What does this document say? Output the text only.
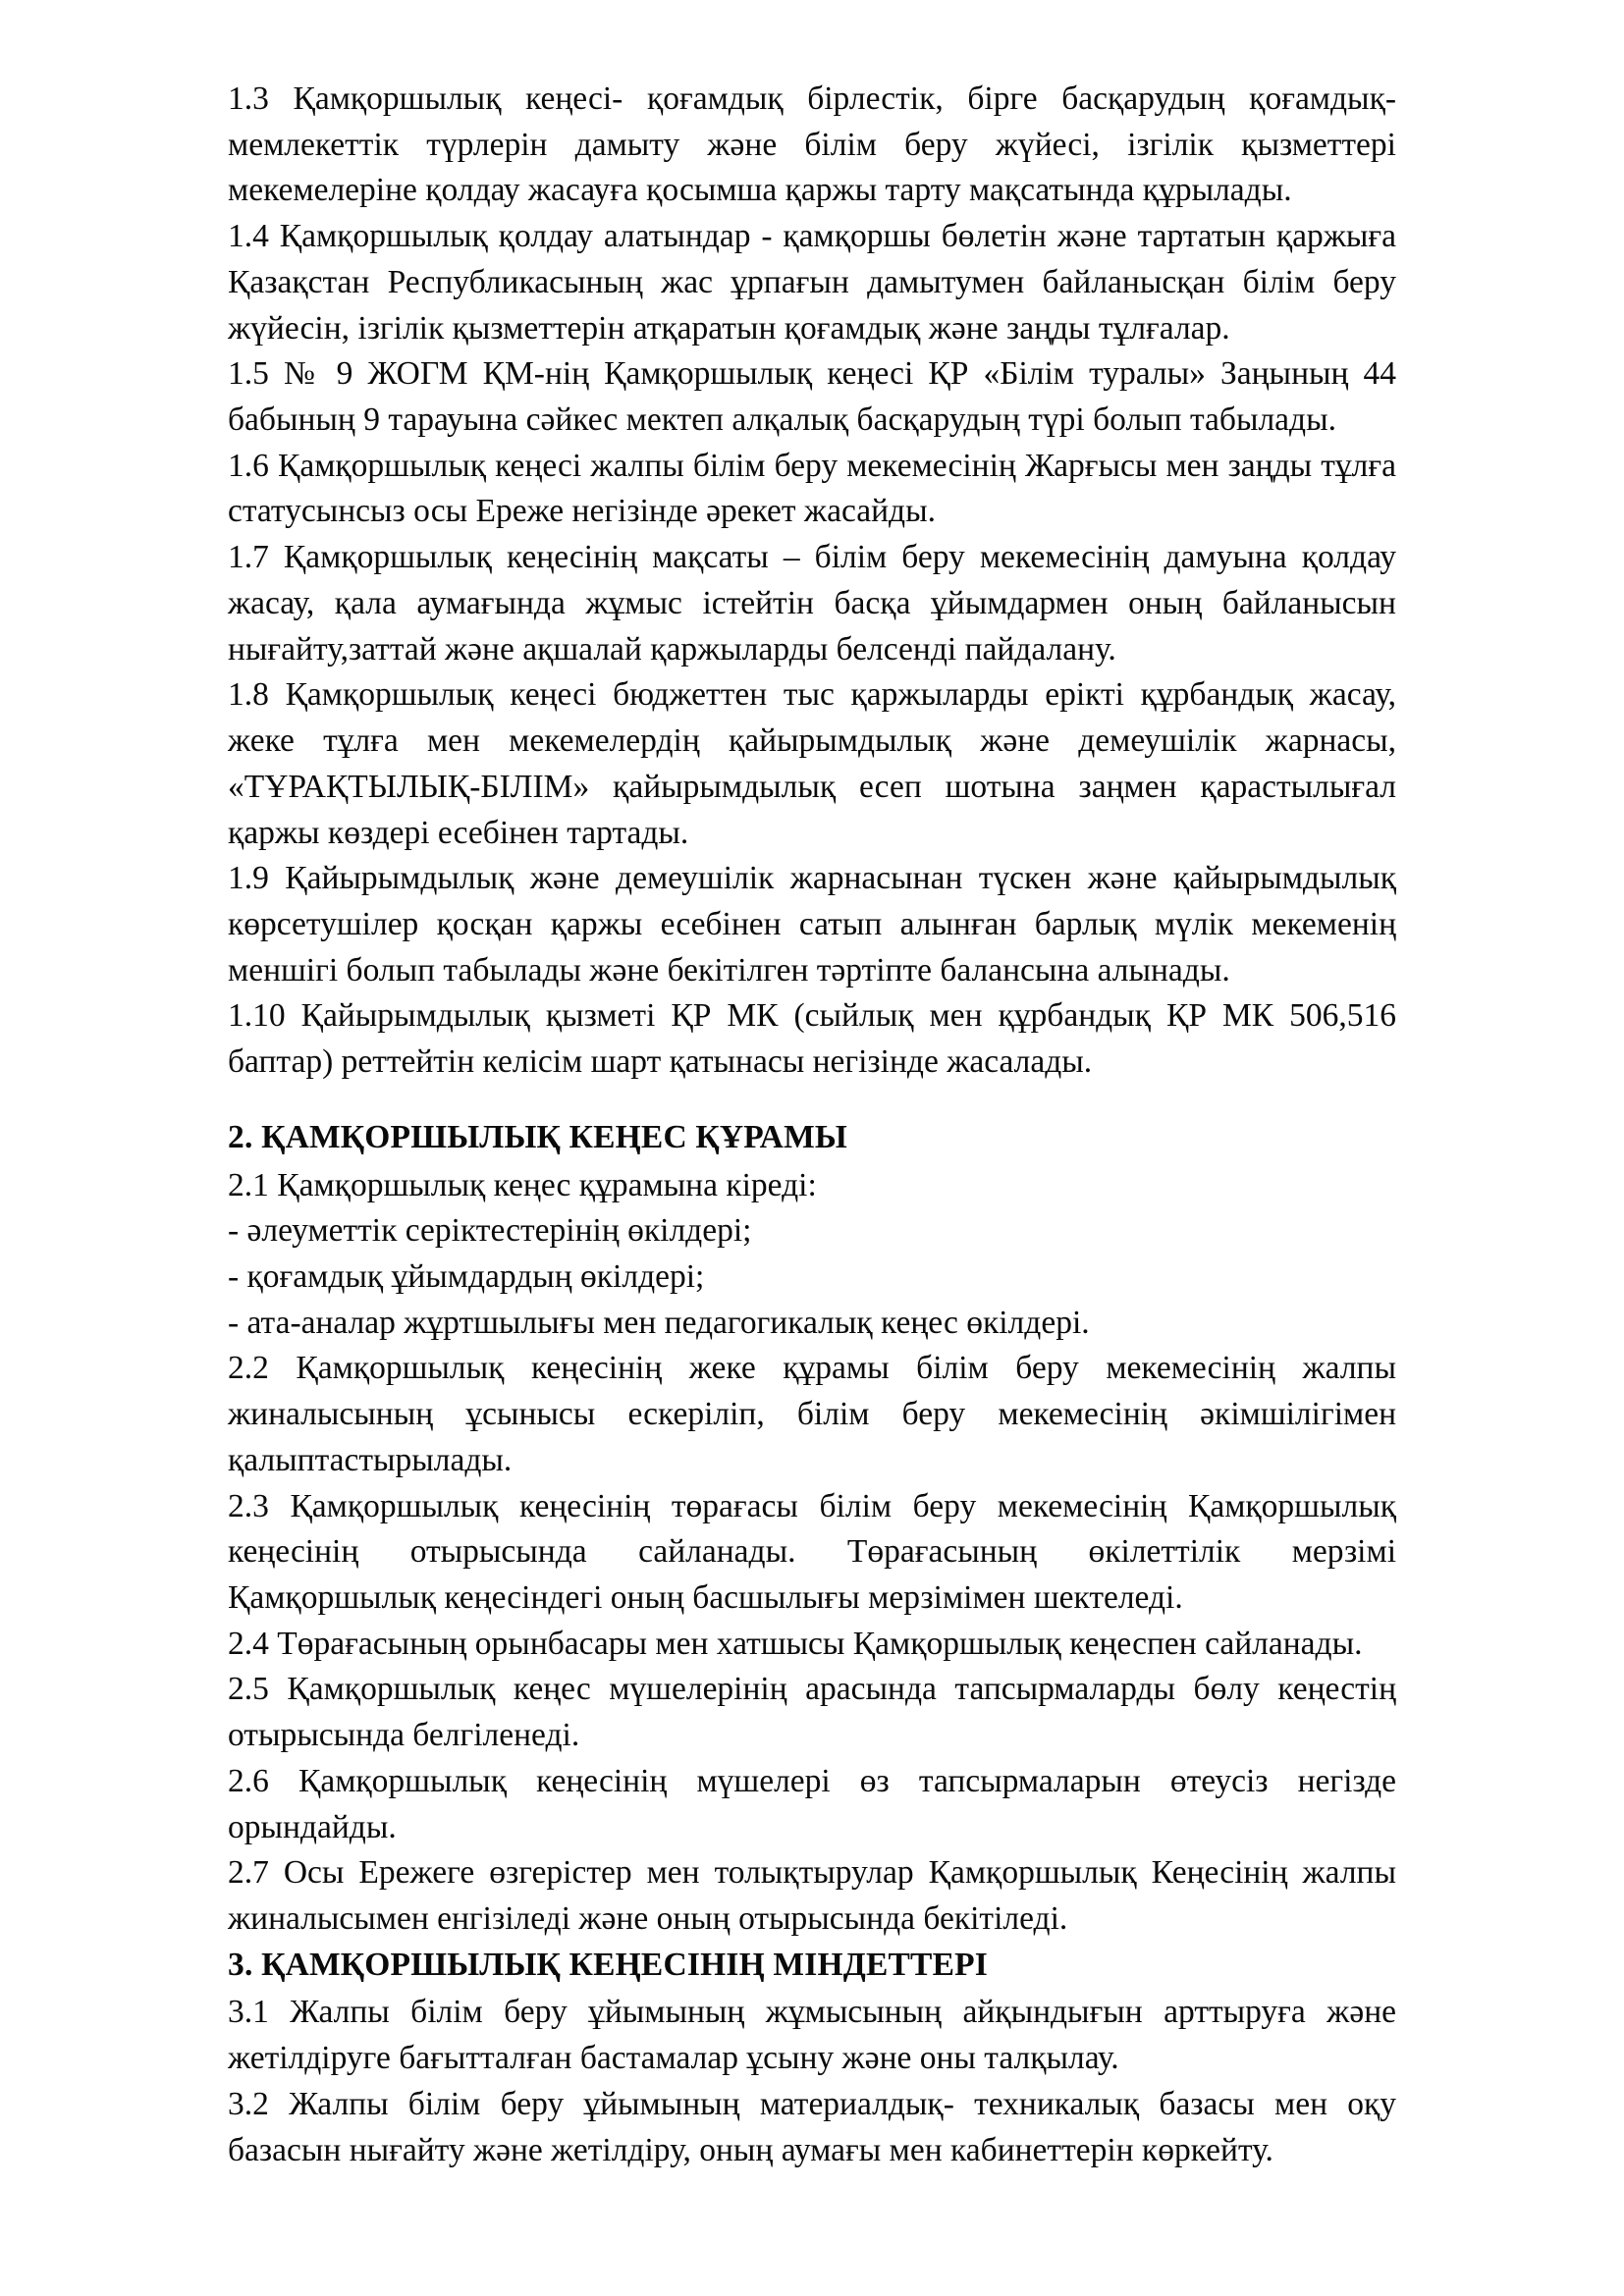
1.3 Қамқоршылық кеңесі- қоғамдық бірлестік, бірге басқарудың қоғамдық-мемлекеттік түрлерін дамыту және білім беру жүйесі, ізгілік қызметтері мекемелеріне қолдау жасауға қосымша қаржы тарту мақсатында құрылады.

1.4 Қамқоршылық қолдау алатындар - қамқоршы бөлетін және тартатын қаржыға Қазақстан Республикасының жас ұрпағын дамытумен байланысқан білім беру жүйесін, ізгілік қызметтерін атқаратын қоғамдық және заңды тұлғалар.

1.5 № 9 ЖОГМ ҚМ-нің Қамқоршылық кеңесі ҚР «Білім туралы» Заңының 44 бабының 9 тарауына сәйкес мектеп алқалық басқарудың түрі болып табылады.

1.6 Қамқоршылық кеңесі жалпы білім беру мекемесінің Жарғысы мен заңды тұлға статусынсыз осы Ереже негізінде әрекет жасайды.

1.7 Қамқоршылық кеңесінің мақсаты – білім беру мекемесінің дамуына қолдау жасау, қала аумағында жұмыс істейтін басқа ұйымдармен оның байланысын нығайту,заттай және ақшалай қаржыларды белсенді пайдалану.

1.8 Қамқоршылық кеңесі бюджеттен тыс қаржыларды ерікті құрбандық жасау, жеке тұлға мен мекемелердің қайырымдылық және демеушілік жарнасы, «ТҰРАҚТЫЛЫҚ-БІЛІМ» қайырымдылық есеп шотына заңмен қарастылығал қаржы көздері есебінен тартады.

1.9 Қайырымдылық және демеушілік жарнасынан түскен және қайырымдылық көрсетушілер қосқан қаржы есебінен сатып алынған барлық мүлік мекеменің меншігі болып табылады және бекітілген тәртіпте балансына алынады.

1.10 Қайырымдылық қызметі ҚР МК (сыйлық мен құрбандық ҚР МК 506,516 баптар) реттейтін келісім шарт қатынасы негізінде жасалады.

2. ҚАМҚОРШЫЛЫҚ КЕҢЕС ҚҰРАМЫ

2.1 Қамқоршылық кеңес құрамына кіреді:

- әлеуметтік серіктестерінің өкілдері;

- қоғамдық ұйымдардың өкілдері;

- ата-аналар жұртшылығы мен педагогикалық кеңес өкілдері.

2.2 Қамқоршылық кеңесінің жеке құрамы білім беру мекемесінің жалпы жиналысының ұсынысы ескеріліп, білім беру мекемесінің әкімшілігімен қалыптастырылады.

2.3 Қамқоршылық кеңесінің төрағасы білім беру мекемесінің Қамқоршылық кеңесінің отырысында сайланады. Төрағасының өкілеттілік мерзімі Қамқоршылық кеңесіндегі оның басшылығы мерзімімен шектеледі.

2.4 Төрағасының орынбасары мен хатшысы Қамқоршылық кеңеспен сайланады.

2.5 Қамқоршылық кеңес мүшелерінің арасында тапсырмаларды бөлу кеңестің отырысында белгіленеді.

2.6 Қамқоршылық кеңесінің мүшелері өз тапсырмаларын өтеусіз негізде орындайды.

2.7 Осы Ережеге өзгерістер мен толықтырулар Қамқоршылық Кеңесінің жалпы жиналысымен енгізіледі және оның отырысында бекітіледі.

3. ҚАМҚОРШЫЛЫҚ КЕҢЕСІНІҢ МІНДЕТТЕРІ

3.1 Жалпы білім беру ұйымының жұмысының айқындығын арттыруға және жетілдіруге бағытталған бастамалар ұсыну және оны талқылау.

3.2 Жалпы білім беру ұйымының материалдық- техникалық базасы мен оқу базасын нығайту және жетілдіру, оның аумағы мен кабинеттерін көркейту.
